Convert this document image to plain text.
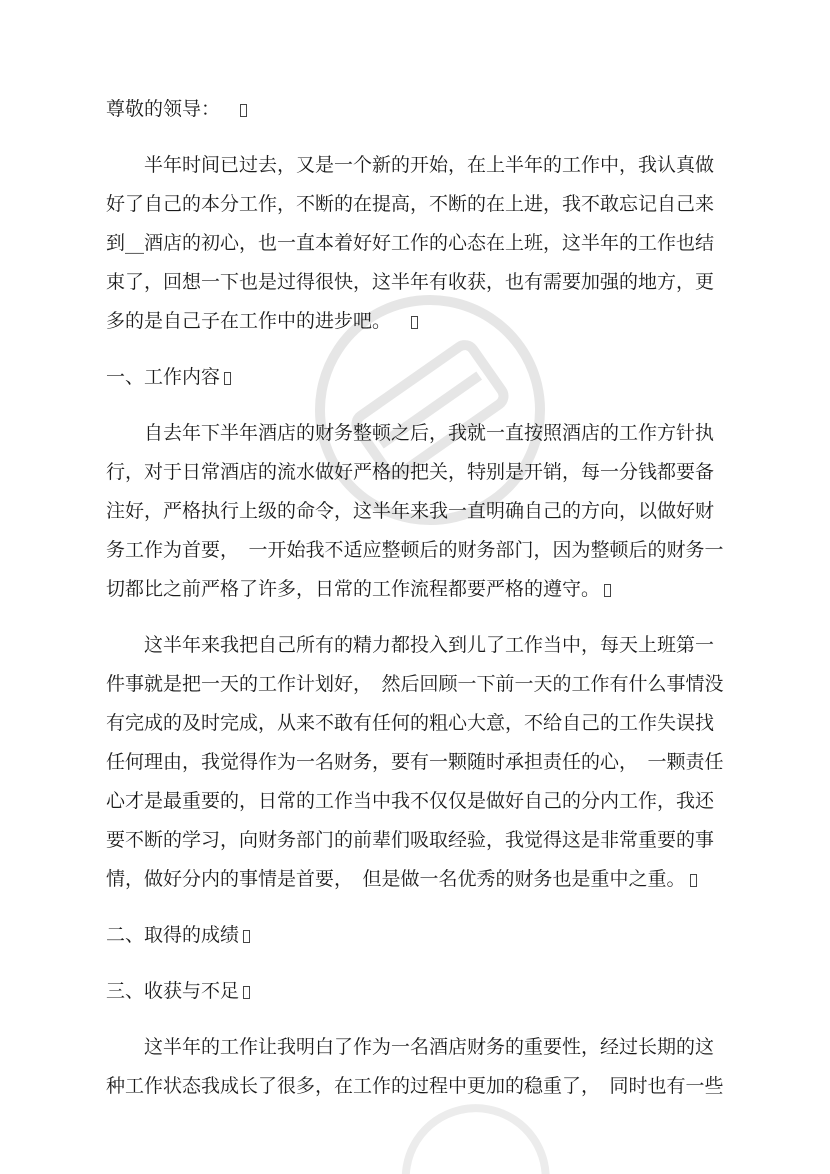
尊敬的领导：
半年时间已过去，又是一个新的开始，在上半年的工作中，我认真做
好了自己的本分工作，不断的在提高，不断的在上进，我不敢忘记自己来
到__酒店的初心，也一直本着好好工作的心态在上班，这半年的工作也结
束了，回想一下也是过得很快，这半年有收获，也有需要加强的地方，更
多的是自己子在工作中的进步吧。
一、工作内容
自去年下半年酒店的财务整顿之后，我就一直按照酒店的工作方针执
行，对于日常酒店的流水做好严格的把关，特别是开销，每一分钱都要备
注好，严格执行上级的命令，这半年来我一直明确自己的方向，以做好财
务工作为首要，　一开始我不适应整顿后的财务部门，因为整顿后的财务一
切都比之前严格了许多，日常的工作流程都要严格的遵守。
这半年来我把自己所有的精力都投入到儿了工作当中，每天上班第一
件事就是把一天的工作计划好，　然后回顾一下前一天的工作有什么事情没
有完成的及时完成，从来不敢有任何的粗心大意，不给自己的工作失误找
任何理由，我觉得作为一名财务，要有一颗随时承担责任的心，　一颗责任
心才是最重要的，日常的工作当中我不仅仅是做好自己的分内工作，我还
要不断的学习，向财务部门的前辈们吸取经验，我觉得这是非常重要的事
情，做好分内的事情是首要，　但是做一名优秀的财务也是重中之重。
二、取得的成绩
三、收获与不足
这半年的工作让我明白了作为一名酒店财务的重要性，经过长期的这
种工作状态我成长了很多，在工作的过程中更加的稳重了，　同时也有一些
